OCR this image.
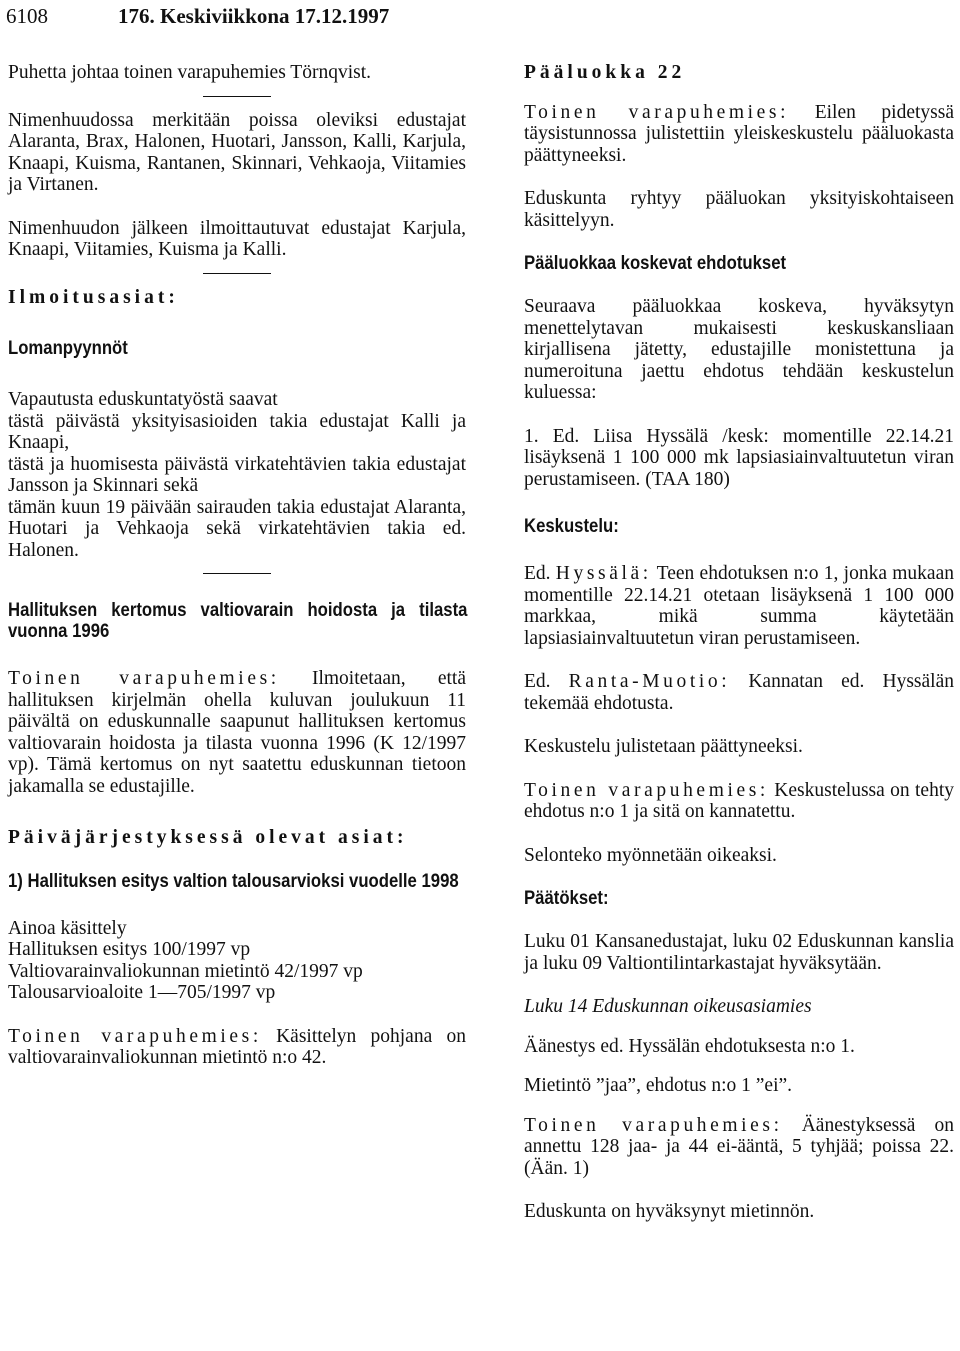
6108	176. Keskiviikkona 17.12.1997

Puhetta johtaa toinen varapuhemies Törnqvist.

Nimenhuudossa merkitään poissa oleviksi edustajat Alaranta, Brax, Halonen, Huotari, Jansson, Kalli, Karjula, Knaapi, Kuisma, Rantanen, Skinnari, Vehkaoja, Viitamies ja Virtanen.

Nimenhuudon jälkeen ilmoittautuvat edustajat Karjula, Knaapi, Viitamies, Kuisma ja Kalli.

Ilmoitusasiat:

Lomanpyynnöt

Vapautusta eduskuntatyöstä saavat

tästä päivästä yksityisasioiden takia edustajat Kalli ja Knaapi,

tästä ja huomisesta päivästä virkatehtävien takia edustajat Jansson ja Skinnari sekä

tämän kuun 19 päivään sairauden takia edustajat Alaranta, Huotari ja Vehkaoja sekä virkatehtävien takia ed. Halonen.

Hallituksen kertomus valtiovarain hoidosta ja tilasta vuonna 1996

Toinen varapuhemies: Ilmoitetaan, että hallituksen kirjelmän ohella kuluvan joulukuun 11 päivältä on eduskunnalle saapunut hallituksen kertomus valtiovarain hoidosta ja tilasta vuonna 1996 (K 12/1997 vp). Tämä kertomus on nyt saatettu eduskunnan tietoon jakamalla se edustajille.

Päiväjärjestyksessä olevat asiat:

1) Hallituksen esitys valtion talousarvioksi vuodelle 1998

Ainoa käsittely

Hallituksen esitys 100/1997 vp

Valtiovarainvaliokunnan mietintö 42/1997 vp

Talousarvioaloite 1—705/1997 vp

Toinen varapuhemies: Käsittelyn pohjana on valtiovarainvaliokunnan mietintö n:o 42.

Pääluokka 22

Toinen varapuhemies: Eilen pidetyssä täysistunnossa julistettiin yleiskeskustelu pääluokasta päättyneeksi.

Eduskunta ryhtyy pääluokan yksityiskohtaiseen käsittelyyn.

Pääluokkaa koskevat ehdotukset

Seuraava pääluokkaa koskeva, hyväksytyn menettelytavan mukaisesti keskuskansliaan kirjallisena jätetty, edustajille monistettuna ja numeroituna jaettu ehdotus tehdään keskustelun kuluessa:

1. Ed. Liisa Hyssälä /kesk: momentille 22.14.21 lisäyksenä 1 100 000 mk lapsiasiainvaltuutetun viran perustamiseen. (TAA 180)

Keskustelu:

Ed. Hyssälä: Teen ehdotuksen n:o 1, jonka mukaan momentille 22.14.21 otetaan lisäyksenä 1 100 000 markkaa, mikä summa käytetään lapsiasiainvaltuutetun viran perustamiseen.

Ed. Ranta-Muotio: Kannatan ed. Hyssälän tekemää ehdotusta.

Keskustelu julistetaan päättyneeksi.

Toinen varapuhemies: Keskustelussa on tehty ehdotus n:o 1 ja sitä on kannatettu.

Selonteko myönnetään oikeaksi.

Päätökset:

Luku 01 Kansanedustajat, luku 02 Eduskunnan kanslia ja luku 09 Valtiontilintarkastajat hyväksytään.

Luku 14 Eduskunnan oikeusasiamies

Äänestys ed. Hyssälän ehdotuksesta n:o 1.

Mietintö ”jaa”, ehdotus n:o 1 ”ei”.

Toinen varapuhemies: Äänestyksessä on annettu 128 jaa- ja 44 ei-ääntä, 5 tyhjää; poissa 22. (Ään. 1)

Eduskunta on hyväksynyt mietinnön.
